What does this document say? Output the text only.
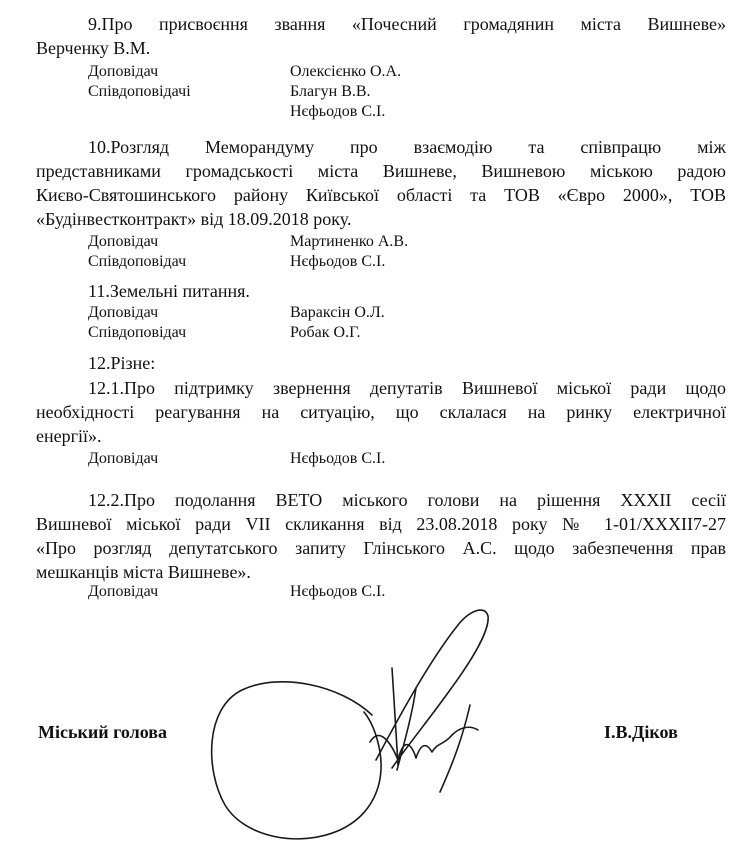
9.Про присвоєння звання «Почесний громадянин міста Вишневе»
Верченку В.М.
Доповідач	Олексієнко О.А.
Співдоповідачі	Благун В.В.
Нєфьодов С.І.
10.Розгляд Меморандуму про взаємодію та співпрацю між
представниками громадськості міста Вишневе, Вишневою міською радою
Києво-Святошинського району Київської області та ТОВ «Євро 2000», ТОВ
«Будінвестконтракт» від 18.09.2018 року.
Доповідач	Мартиненко А.В.
Співдоповідач	Нєфьодов С.І.
11.Земельні питання.
Доповідач	Вараксін О.Л.
Співдоповідач	Робак О.Г.
12.Різне:
12.1.Про підтримку звернення депутатів Вишневої міської ради щодо
необхідності реагування на ситуацію, що склалася на ринку електричної
енергії».
Доповідач	Нєфьодов С.І.
12.2.Про подолання ВЕТО міського голови на рішення XXXII сесії
Вишневої міської ради VII скликання від 23.08.2018 року № 1-01/XXXII7-27
«Про розгляд депутатського запиту Глінського А.С. щодо забезпечення прав
мешканців міста Вишневе».
Доповідач	Нєфьодов С.І.
Міський голова	І.В.Діков
